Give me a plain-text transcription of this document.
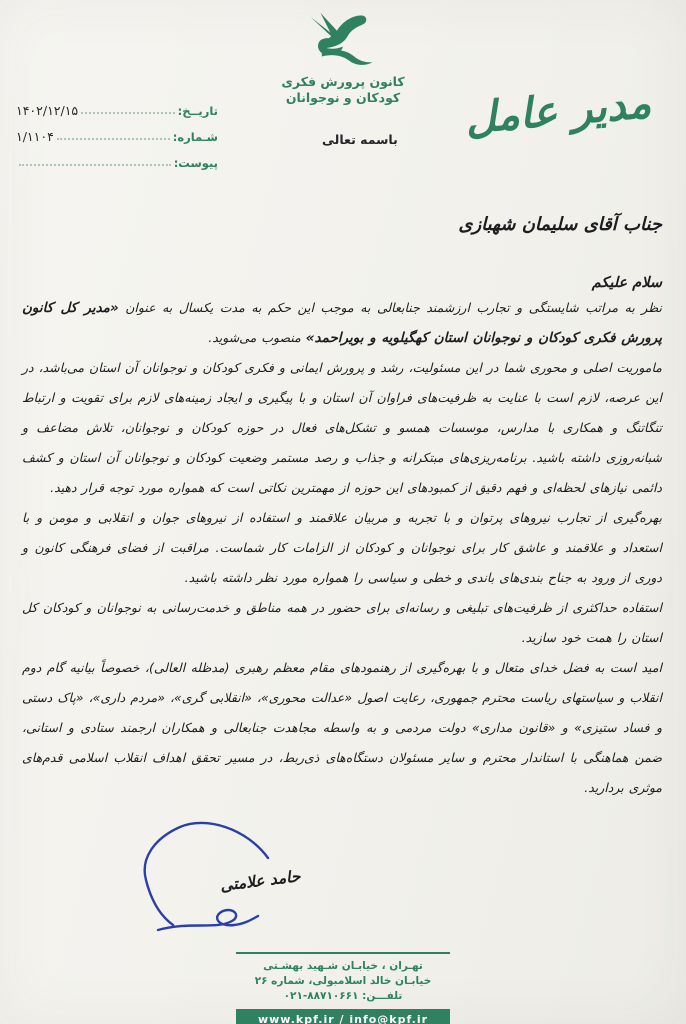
کانون پرورش فکری
کودکان و نوجوانان
تاریــخ:
۱۴۰۲/۱۲/۱۵
شـماره:
۱/۱۱۰۴
پیوست:
باسمه تعالی مدیر عامل

جناب آقای سلیمان شهبازی

سلام علیکم

نظر به مراتب شایستگی و تجارب ارزشمند جنابعالی به موجب این حکم به مدت یکسال به عنوان «مدیر کل کانون پرورش فکری کودکان و نوجوانان استان کهگیلویه و بویراحمد» منصوب می‌شوید.

ماموریت اصلی و محوری شما در این مسئولیت، رشد و پرورش ایمانی و فکری کودکان و نوجوانان آن استان می‌باشد، در این عرصه، لازم است با عنایت به ظرفیت‌های فراوان آن استان و با پیگیری و ایجاد زمینه‌های لازم برای تقویت و ارتباط تنگاتنگ و همکاری با مدارس، موسسات همسو و تشکل‌های فعال در حوزه کودکان و نوجوانان، تلاش مضاعف و شبانه‌روزی داشته باشید. برنامه‌ریزی‌های مبتکرانه و جذاب و رصد مستمر وضعیت کودکان و نوجوانان آن استان و کشف دائمی نیازهای لحظه‌ای و فهم دقیق از کمبودهای این حوزه از مهمترین نکاتی است که همواره مورد توجه قرار دهید.

بهره‌گیری از تجارب نیروهای پرتوان و با تجربه و مربیان علاقمند و استفاده از نیروهای جوان و انقلابی و مومن و با استعداد و علاقمند و عاشق کار برای نوجوانان و کودکان از الزامات کار شماست. مراقبت از فضای فرهنگی کانون و دوری از ورود به جناح بندی‌های باندی و خطی و سیاسی را همواره مورد نظر داشته باشید.

استفاده حداکثری از ظرفیت‌های تبلیغی و رسانه‌ای برای حضور در همه مناطق و خدمت‌رسانی به نوجوانان و کودکان کل استان را همت خود سازید.

امید است به فضل خدای متعال و با بهره‌گیری از رهنمودهای مقام معظم رهبری (مدظله العالی)، خصوصاً بیانیه گام دوم انقلاب و سیاستهای ریاست محترم جمهوری، رعایت اصول «عدالت محوری»، «انقلابی گری»، «مردم داری»، «پاک دستی و فساد ستیزی» و «قانون مداری» دولت مردمی و به واسطه مجاهدت جنابعالی و همکاران ارجمند ستادی و استانی، ضمن هماهنگی با استاندار محترم و سایر مسئولان دستگاه‌های ذی‌ربط، در مسیر تحقق اهداف انقلاب اسلامی قدم‌های موثری بردارید.

حامد علامتی
تهـران ، خیابـان شـهید بهشـتی
خیابـان خالد اسلامبولی، شماره ۲۶
تلفـــن: ۰۲۱-۸۸۷۱۰۶۶۱
www.kpf.ir / info@kpf.ir
